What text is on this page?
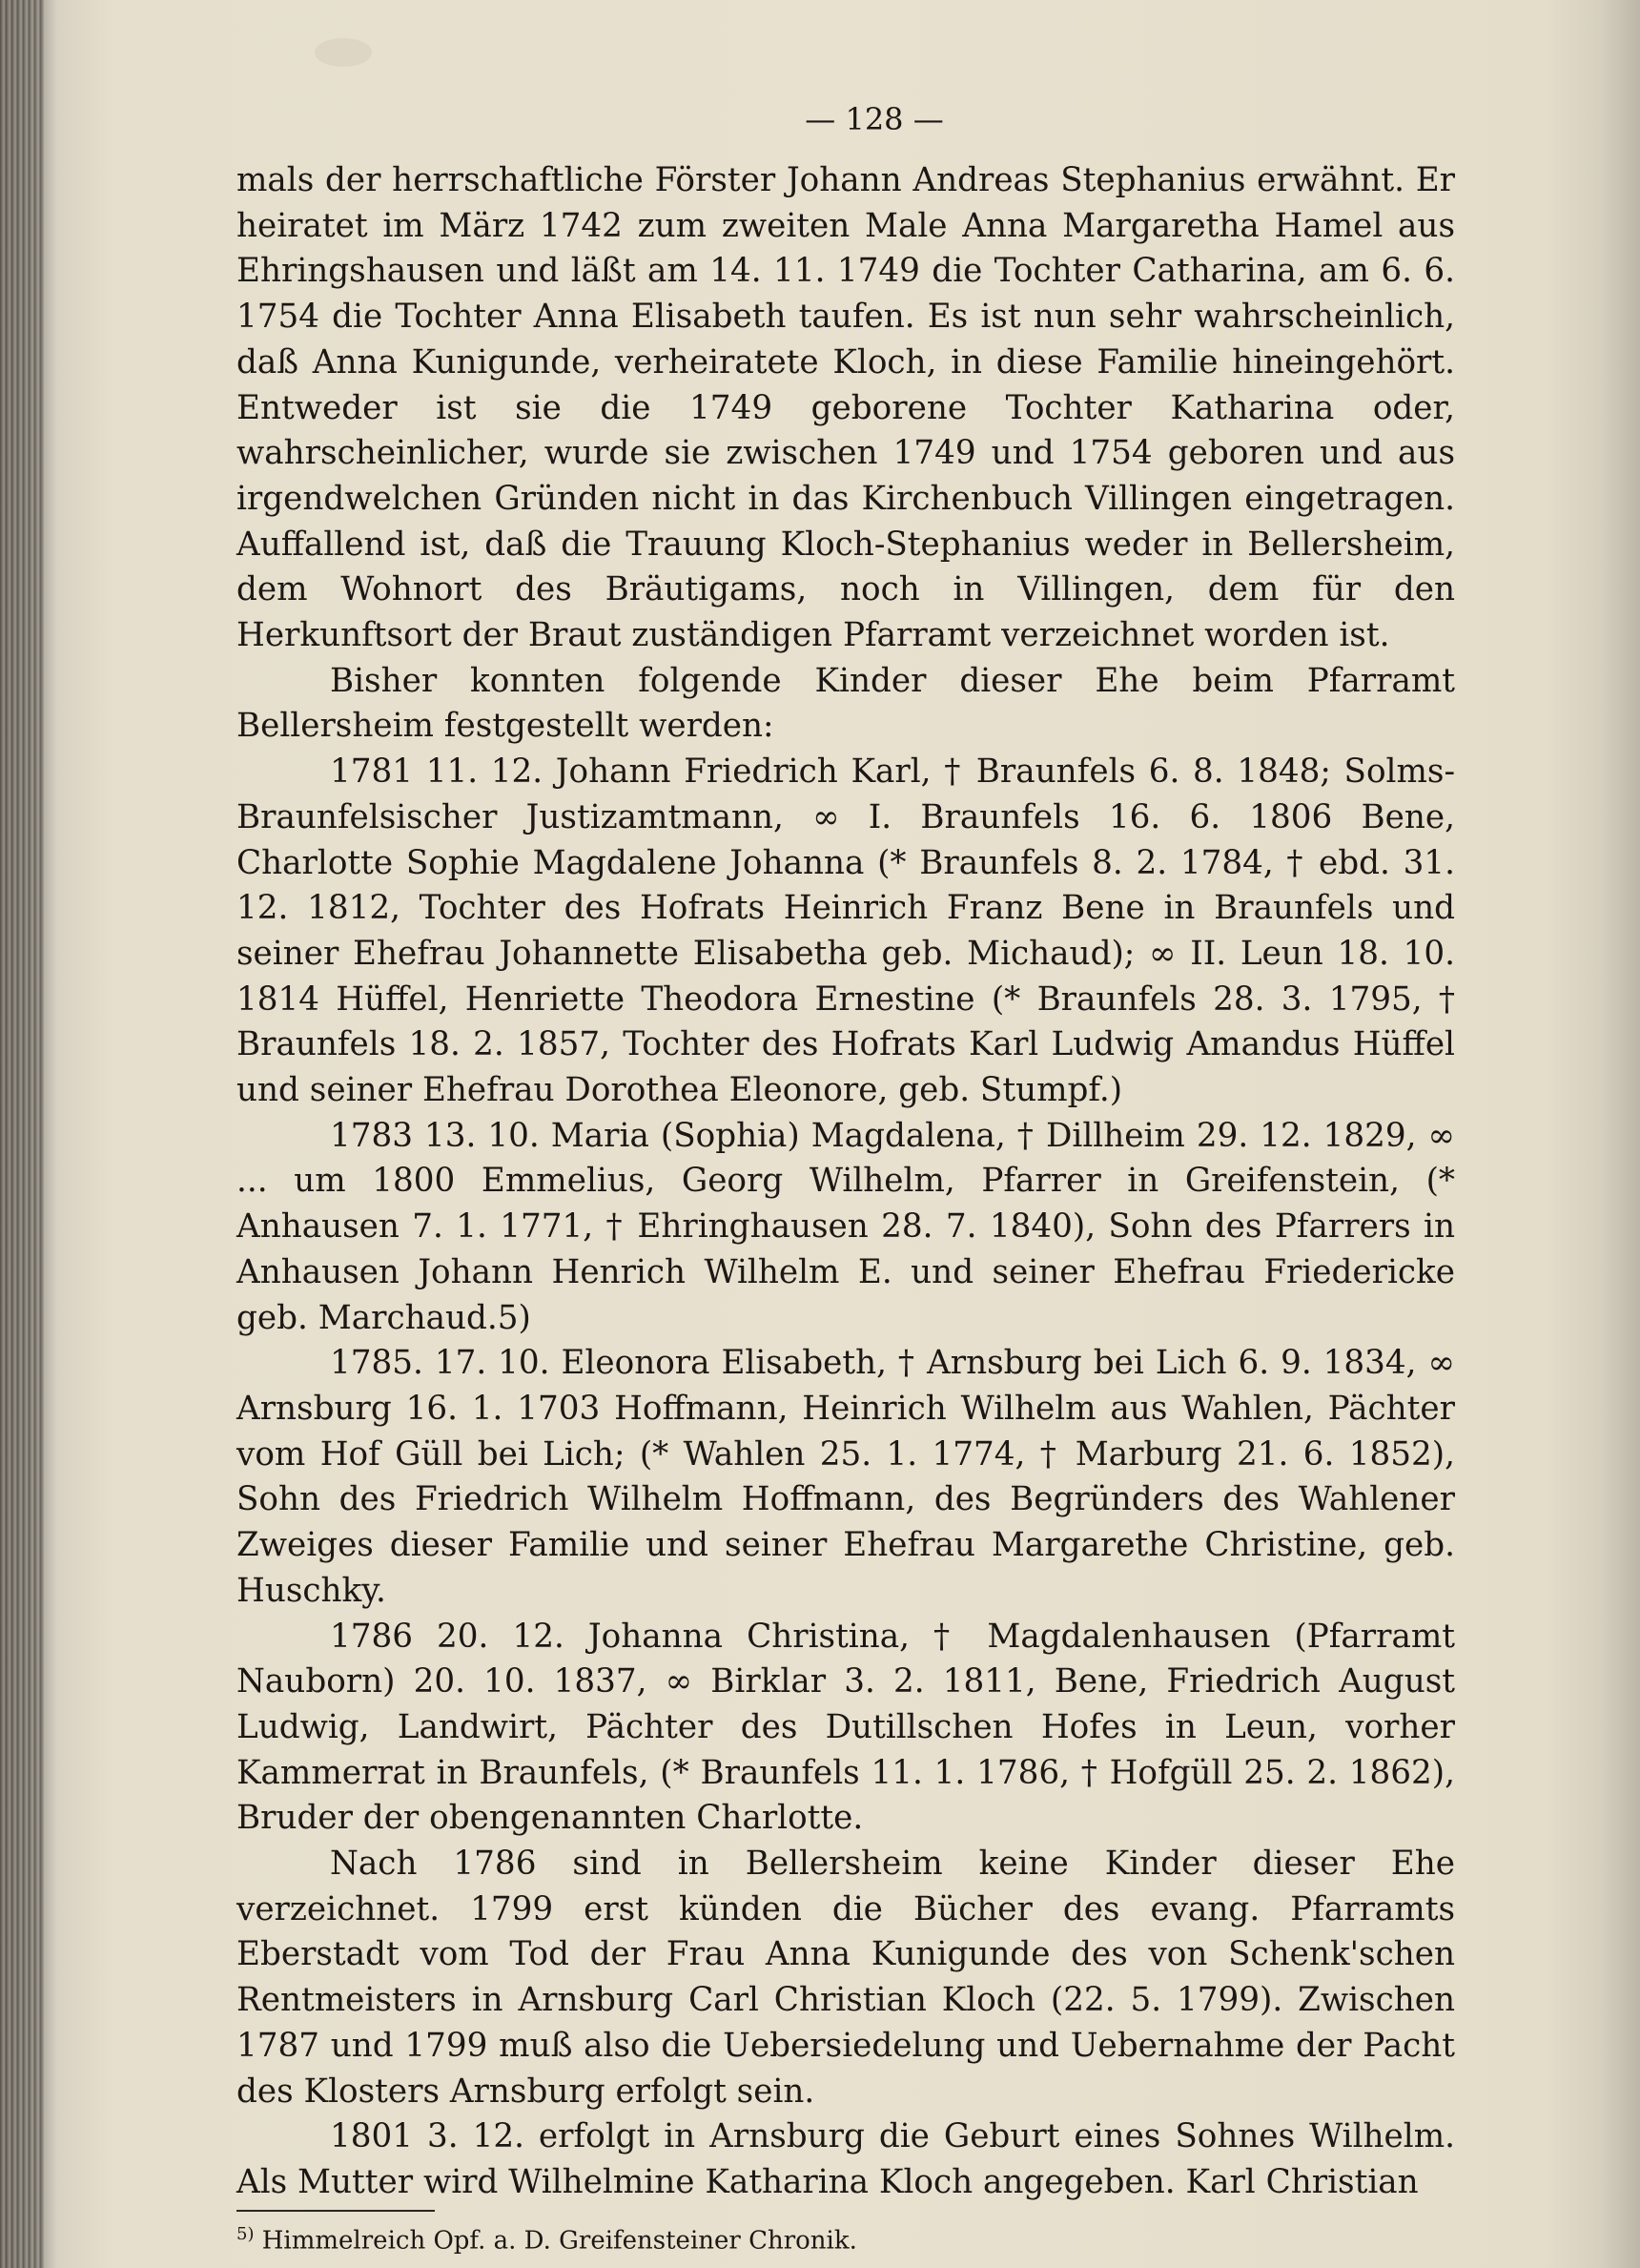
— 128 —

mals der herrschaftliche Förster Johann Andreas Stephanius erwähnt. Er heiratet im März 1742 zum zweiten Male Anna Margaretha Hamel aus Ehringshausen und läßt am 14. 11. 1749 die Tochter Catharina, am 6. 6. 1754 die Tochter Anna Elisabeth taufen. Es ist nun sehr wahrscheinlich, daß Anna Kunigunde, verheiratete Kloch, in diese Familie hineingehört. Entweder ist sie die 1749 geborene Tochter Katharina oder, wahrscheinlicher, wurde sie zwischen 1749 und 1754 geboren und aus irgendwelchen Gründen nicht in das Kirchenbuch Villingen eingetragen. Auffallend ist, daß die Trauung Kloch-Stephanius weder in Bellersheim, dem Wohnort des Bräutigams, noch in Villingen, dem für den Herkunftsort der Braut zuständigen Pfarramt verzeichnet worden ist.

Bisher konnten folgende Kinder dieser Ehe beim Pfarramt Bellersheim festgestellt werden:

1781 11. 12. Johann Friedrich Karl, † Braunfels 6. 8. 1848; Solms-Braunfelsischer Justizamtmann, ∞ I. Braunfels 16. 6. 1806 Bene, Charlotte Sophie Magdalene Johanna (* Braunfels 8. 2. 1784, † ebd. 31. 12. 1812, Tochter des Hofrats Heinrich Franz Bene in Braunfels und seiner Ehefrau Johannette Elisabetha geb. Michaud); ∞ II. Leun 18. 10. 1814 Hüffel, Henriette Theodora Ernestine (* Braunfels 28. 3. 1795, † Braunfels 18. 2. 1857, Tochter des Hofrats Karl Ludwig Amandus Hüffel und seiner Ehefrau Dorothea Eleonore, geb. Stumpf.)

1783 13. 10. Maria (Sophia) Magdalena, † Dillheim 29. 12. 1829, ∞ ... um 1800 Emmelius, Georg Wilhelm, Pfarrer in Greifenstein, (* Anhausen 7. 1. 1771, † Ehringhausen 28. 7. 1840), Sohn des Pfarrers in Anhausen Johann Henrich Wilhelm E. und seiner Ehefrau Friedericke geb. Marchaud.5)

1785. 17. 10. Eleonora Elisabeth, † Arnsburg bei Lich 6. 9. 1834, ∞ Arnsburg 16. 1. 1703 Hoffmann, Heinrich Wilhelm aus Wahlen, Pächter vom Hof Güll bei Lich; (* Wahlen 25. 1. 1774, † Marburg 21. 6. 1852), Sohn des Friedrich Wilhelm Hoffmann, des Begründers des Wahlener Zweiges dieser Familie und seiner Ehefrau Margarethe Christine, geb. Huschky.

1786 20. 12. Johanna Christina, † Magdalenhausen (Pfarramt Nauborn) 20. 10. 1837, ∞ Birklar 3. 2. 1811, Bene, Friedrich August Ludwig, Landwirt, Pächter des Dutillschen Hofes in Leun, vorher Kammerrat in Braunfels, (* Braunfels 11. 1. 1786, † Hofgüll 25. 2. 1862), Bruder der obengenannten Charlotte.

Nach 1786 sind in Bellersheim keine Kinder dieser Ehe verzeichnet. 1799 erst künden die Bücher des evang. Pfarramts Eberstadt vom Tod der Frau Anna Kunigunde des von Schenk'schen Rentmeisters in Arnsburg Carl Christian Kloch (22. 5. 1799). Zwischen 1787 und 1799 muß also die Uebersiedelung und Uebernahme der Pacht des Klosters Arnsburg erfolgt sein.

1801 3. 12. erfolgt in Arnsburg die Geburt eines Sohnes Wilhelm. Als Mutter wird Wilhelmine Katharina Kloch angegeben. Karl Christian

$^{5)}$ Himmelreich Opf. a. D. Greifensteiner Chronik.
